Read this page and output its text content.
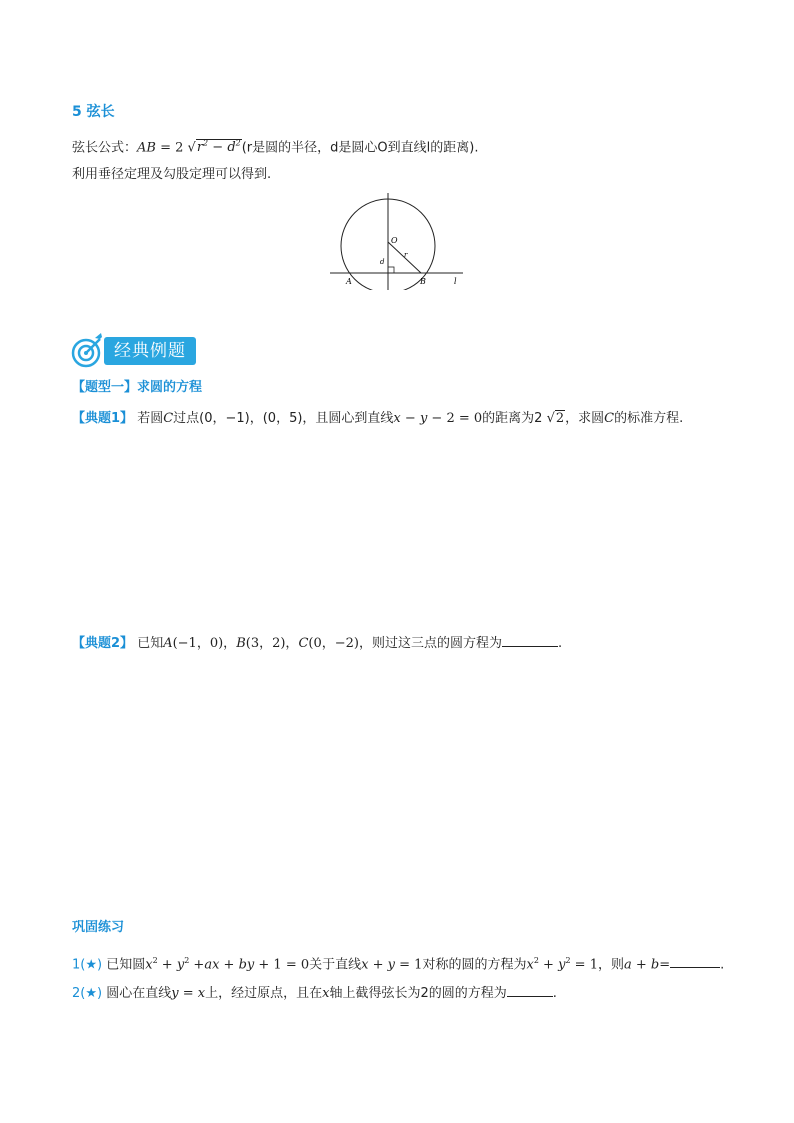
5 弦长
弦长公式：AB = 2 $√r^2 - d^2(r$是圆的半径，d是圆心O到直线l的距离).
利用垂径定理及勾股定理可以得到.
O
r
d
A	B	l
经典例题
【题型一】求圆的方程
【典题1】 若圆C过点(0，−1)，(0，5)，且圆心到直线x − y − 2 = 0的距离为2 √2，求圆C的标准方程.
【典题2】 已知A(−1，0)，B(3，2)，C(0，−2)，则过这三点的圆方程为	.
巩固练习
1(★) 已知圆$x^2 + y^2 +ax$ + by + 1 = 0关于直线x + y = 1对称的圆的方程为$x^2 + y^2 = 1$，则a + b=	.
2(★) 圆心在直线y = x上，经过原点，且在x轴上截得弦长为2的圆的方程为	.
